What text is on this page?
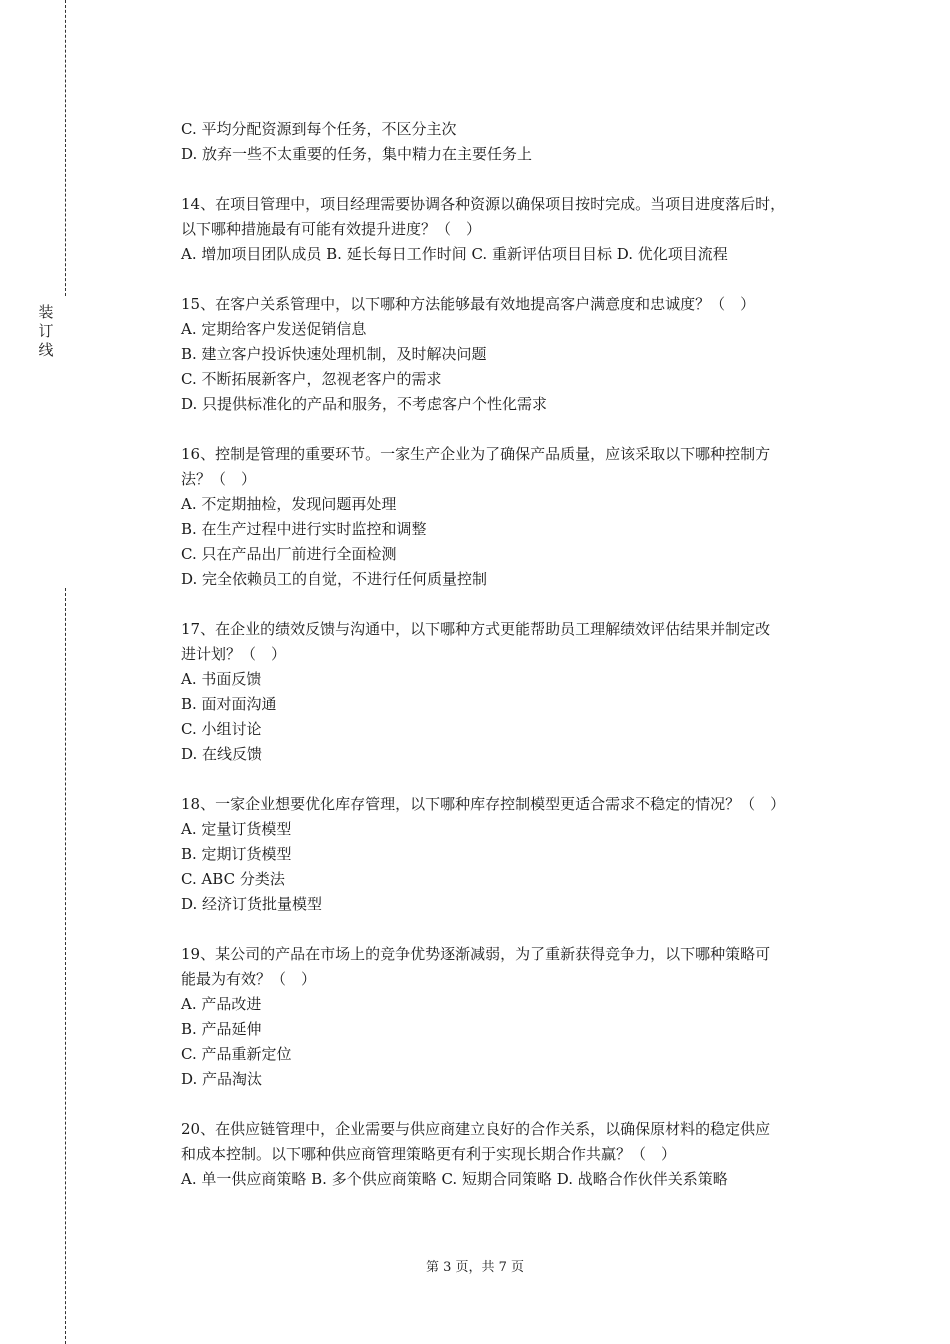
装
订
线
C. 平均分配资源到每个任务，不区分主次
D. 放弃一些不太重要的任务，集中精力在主要任务上
14、在项目管理中，项目经理需要协调各种资源以确保项目按时完成。当项目进度落后时，
以下哪种措施最有可能有效提升进度？（　）
A. 增加项目团队成员 B. 延长每日工作时间 C. 重新评估项目目标 D. 优化项目流程
15、在客户关系管理中，以下哪种方法能够最有效地提高客户满意度和忠诚度？（　）
A. 定期给客户发送促销信息
B. 建立客户投诉快速处理机制，及时解决问题
C. 不断拓展新客户，忽视老客户的需求
D. 只提供标准化的产品和服务，不考虑客户个性化需求
16、控制是管理的重要环节。一家生产企业为了确保产品质量，应该采取以下哪种控制方
法？（　）
A. 不定期抽检，发现问题再处理
B. 在生产过程中进行实时监控和调整
C. 只在产品出厂前进行全面检测
D. 完全依赖员工的自觉，不进行任何质量控制
17、在企业的绩效反馈与沟通中，以下哪种方式更能帮助员工理解绩效评估结果并制定改
进计划？（　）
A. 书面反馈
B. 面对面沟通
C. 小组讨论
D. 在线反馈
18、一家企业想要优化库存管理，以下哪种库存控制模型更适合需求不稳定的情况？（　）
A. 定量订货模型
B. 定期订货模型
C. ABC 分类法
D. 经济订货批量模型
19、某公司的产品在市场上的竞争优势逐渐减弱，为了重新获得竞争力，以下哪种策略可
能最为有效？（　）
A. 产品改进
B. 产品延伸
C. 产品重新定位
D. 产品淘汰
20、在供应链管理中，企业需要与供应商建立良好的合作关系，以确保原材料的稳定供应
和成本控制。以下哪种供应商管理策略更有利于实现长期合作共赢？（　）
A. 单一供应商策略 B. 多个供应商策略 C. 短期合同策略 D. 战略合作伙伴关系策略
第 3 页，共 7 页
